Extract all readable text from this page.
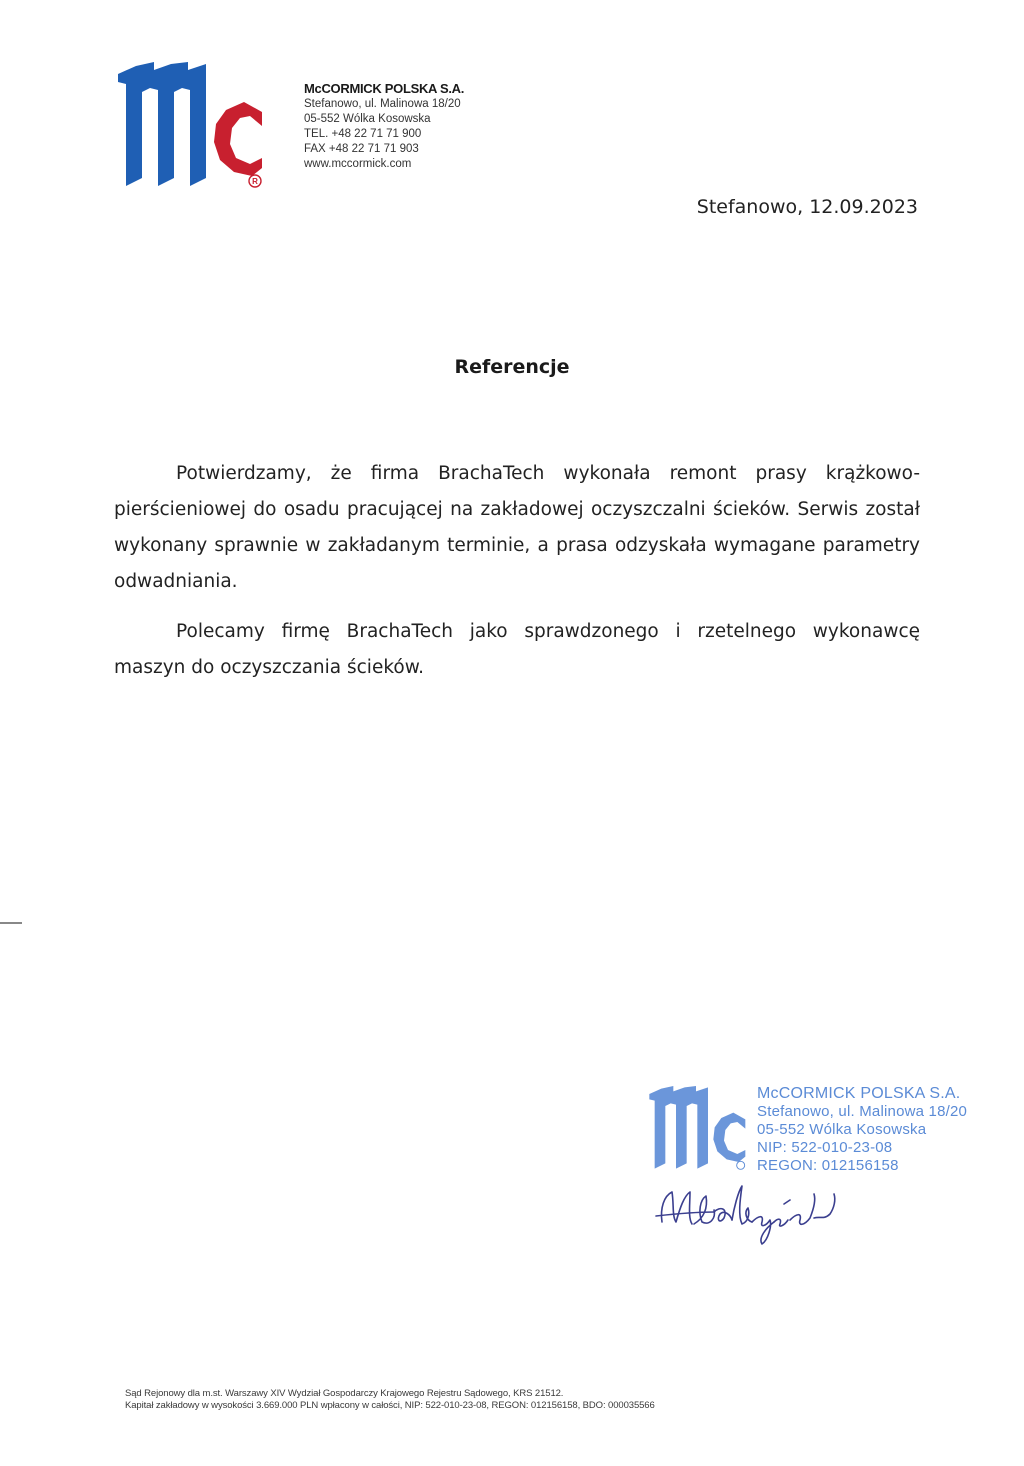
R
McCORMICK POLSKA S.A.
Stefanowo, ul. Malinowa 18/20
05-552 Wólka Kosowska
TEL. +48 22 71 71 900
FAX +48 22 71 71 903
www.mccormick.com
Stefanowo, 12.09.2023
Referencje
Potwierdzamy, że firma BrachaTech wykonała remont prasy krążkowo-pierścieniowej do osadu pracującej na zakładowej oczyszczalni ścieków. Serwis został wykonany sprawnie w zakładanym terminie, a prasa odzyskała wymagane parametry odwadniania.
Polecamy firmę BrachaTech jako sprawdzonego i rzetelnego wykonawcę maszyn do oczyszczania ścieków.
McCORMICK POLSKA S.A.
Stefanowo, ul. Malinowa 18/20
05-552 Wólka Kosowska
NIP: 522-010-23-08
REGON: 012156158
Sąd Rejonowy dla m.st. Warszawy XIV Wydział Gospodarczy Krajowego Rejestru Sądowego, KRS 21512.
Kapitał zakładowy w wysokości 3.669.000 PLN wpłacony w całości, NIP: 522-010-23-08, REGON: 012156158, BDO: 000035566
